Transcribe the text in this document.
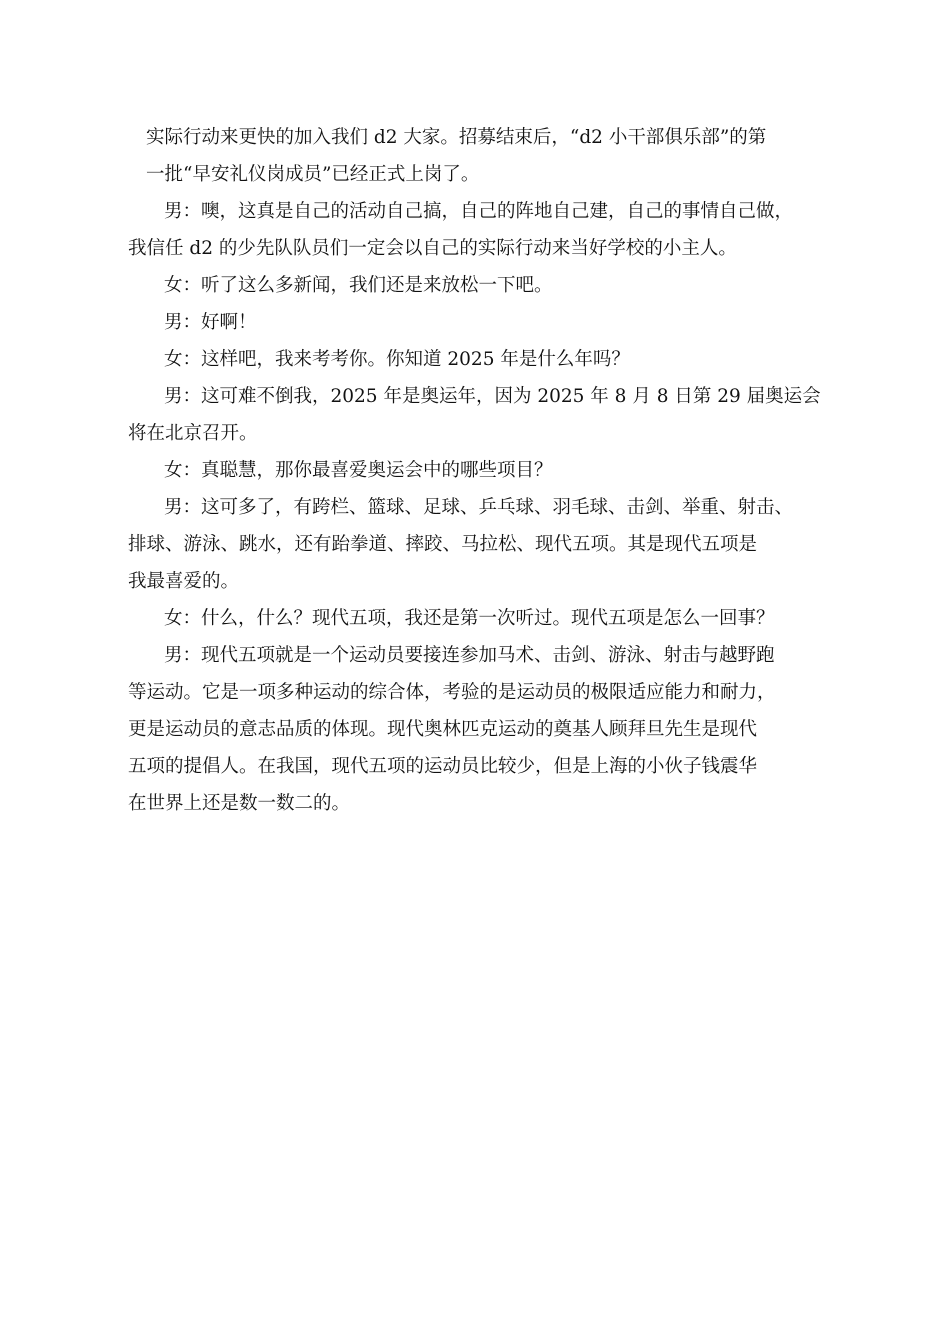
实际行动来更快的加入我们 d2 大家。招募结束后，“d2 小干部俱乐部”的第
一批“早安礼仪岗成员”已经正式上岗了。

男：噢，这真是自己的活动自己搞，自己的阵地自己建，自己的事情自己做，
我信任 d2 的少先队队员们一定会以自己的实际行动来当好学校的小主人。

女：听了这么多新闻，我们还是来放松一下吧。

男：好啊！

女：这样吧，我来考考你。你知道 2025 年是什么年吗？

男：这可难不倒我，2025 年是奥运年，因为 2025 年 8 月 8 日第 29 届奥运会
将在北京召开。

女：真聪慧，那你最喜爱奥运会中的哪些项目？

男：这可多了，有跨栏、篮球、足球、乒乓球、羽毛球、击剑、举重、射击、
排球、游泳、跳水，还有跆拳道、摔跤、马拉松、现代五项。其是现代五项是
我最喜爱的。

女：什么，什么？现代五项，我还是第一次听过。现代五项是怎么一回事？

男：现代五项就是一个运动员要接连参加马术、击剑、游泳、射击与越野跑
等运动。它是一项多种运动的综合体，考验的是运动员的极限适应能力和耐力，
更是运动员的意志品质的体现。现代奥林匹克运动的奠基人顾拜旦先生是现代
五项的提倡人。在我国，现代五项的运动员比较少，但是上海的小伙子钱震华
在世界上还是数一数二的。
